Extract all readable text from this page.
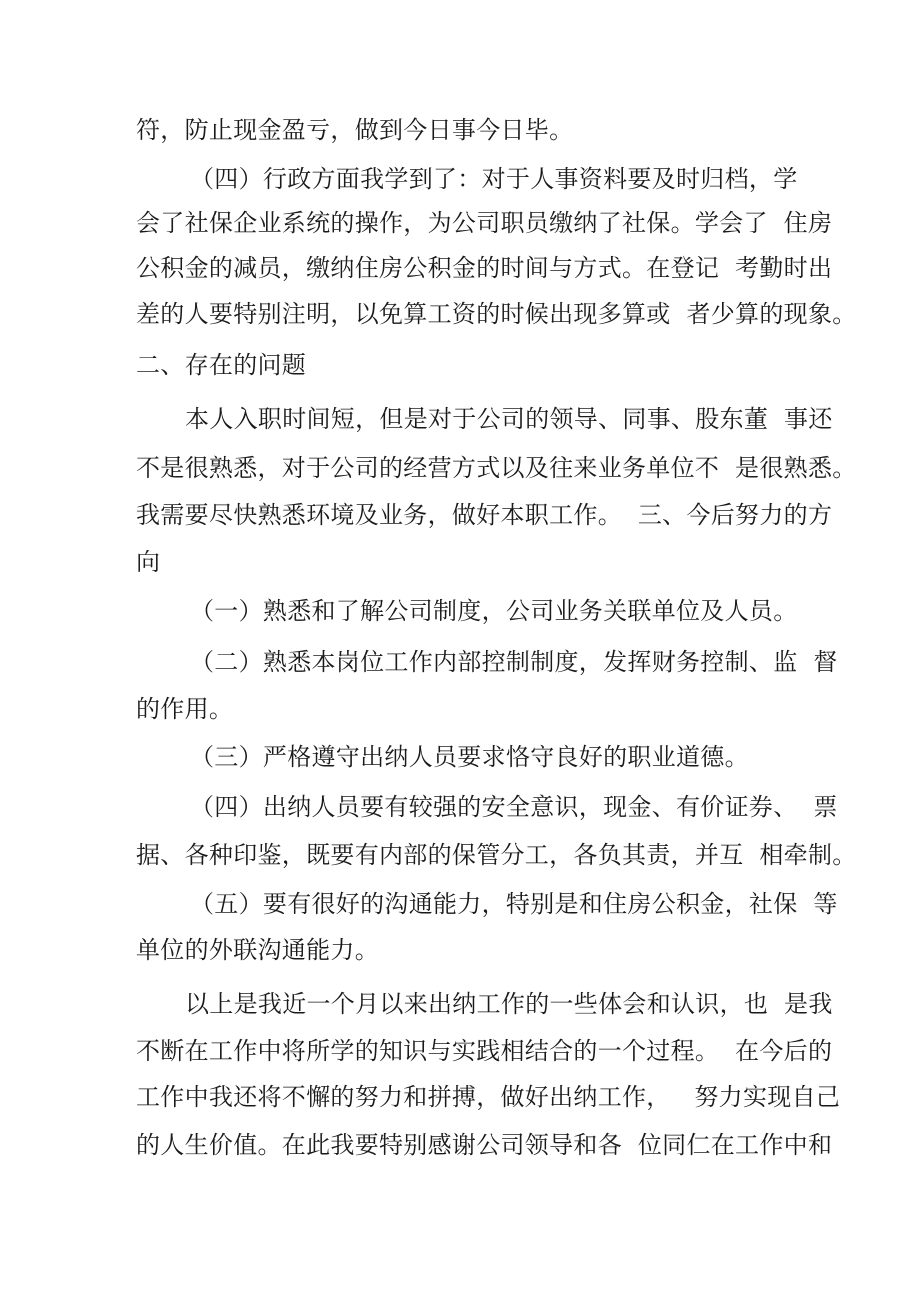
符，防止现金盈亏，做到今日事今日毕。
（四）行政方面我学到了：对于人事资料要及时归档，学
会了社保企业系统的操作，为公司职员缴纳了社保。学会了  住房
公积金的减员，缴纳住房公积金的时间与方式。在登记  考勤时出
差的人要特别注明，以免算工资的时候出现多算或  者少算的现象。
二、存在的问题
本人入职时间短，但是对于公司的领导、同事、股东董  事还
不是很熟悉，对于公司的经营方式以及往来业务单位不  是很熟悉。
我需要尽快熟悉环境及业务，做好本职工作。  三、今后努力的方
向
（一）熟悉和了解公司制度，公司业务关联单位及人员。
（二）熟悉本岗位工作内部控制制度，发挥财务控制、监  督
的作用。
（三）严格遵守出纳人员要求恪守良好的职业道德。
（四）出纳人员要有较强的安全意识，现金、有价证券、  票
据、各种印鉴，既要有内部的保管分工，各负其责，并互  相牵制。
（五）要有很好的沟通能力，特别是和住房公积金，社保  等
单位的外联沟通能力。
以上是我近一个月以来出纳工作的一些体会和认识，也  是我
不断在工作中将所学的知识与实践相结合的一个过程。  在今后的
工作中我还将不懈的努力和拼搏，做好出纳工作，   努力实现自己
的人生价值。在此我要特别感谢公司领导和各  位同仁在工作中和
